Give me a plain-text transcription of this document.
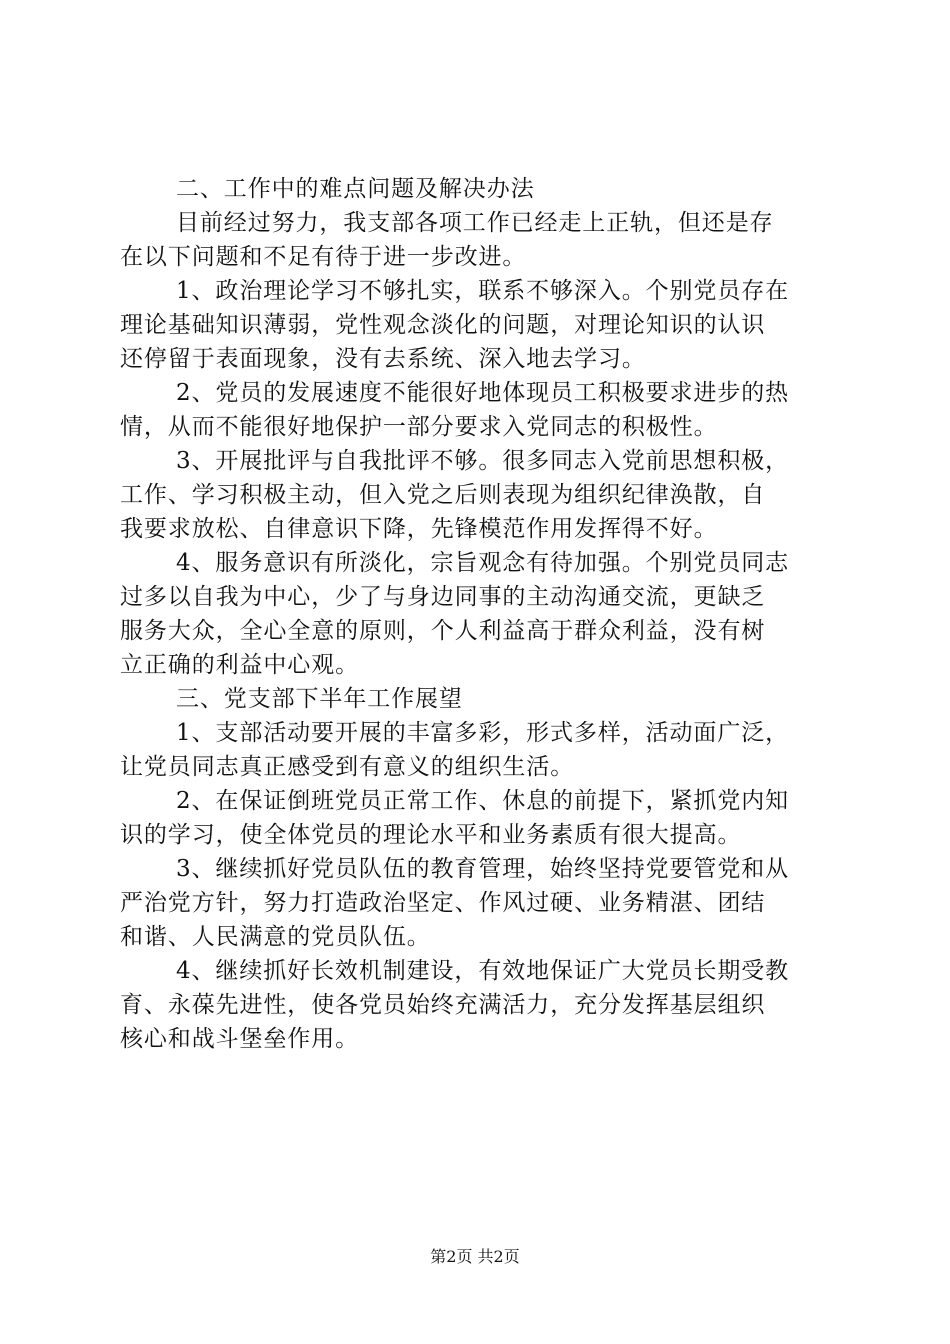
二、工作中的难点问题及解决办法
目前经过努力，我支部各项工作已经走上正轨，但还是存
在以下问题和不足有待于进一步改进。
1、政治理论学习不够扎实，联系不够深入。个别党员存在
理论基础知识薄弱，党性观念淡化的问题，对理论知识的认识
还停留于表面现象，没有去系统、深入地去学习。
2、党员的发展速度不能很好地体现员工积极要求进步的热
情，从而不能很好地保护一部分要求入党同志的积极性。
3、开展批评与自我批评不够。很多同志入党前思想积极，
工作、学习积极主动，但入党之后则表现为组织纪律涣散，自
我要求放松、自律意识下降，先锋模范作用发挥得不好。
4、服务意识有所淡化，宗旨观念有待加强。个别党员同志
过多以自我为中心，少了与身边同事的主动沟通交流，更缺乏
服务大众，全心全意的原则，个人利益高于群众利益，没有树
立正确的利益中心观。
三、党支部下半年工作展望
1、支部活动要开展的丰富多彩，形式多样，活动面广泛，
让党员同志真正感受到有意义的组织生活。
2、在保证倒班党员正常工作、休息的前提下，紧抓党内知
识的学习，使全体党员的理论水平和业务素质有很大提高。
3、继续抓好党员队伍的教育管理，始终坚持党要管党和从
严治党方针，努力打造政治坚定、作风过硬、业务精湛、团结
和谐、人民满意的党员队伍。
4、继续抓好长效机制建设，有效地保证广大党员长期受教
育、永葆先进性，使各党员始终充满活力，充分发挥基层组织
核心和战斗堡垒作用。
第2页 共2页
